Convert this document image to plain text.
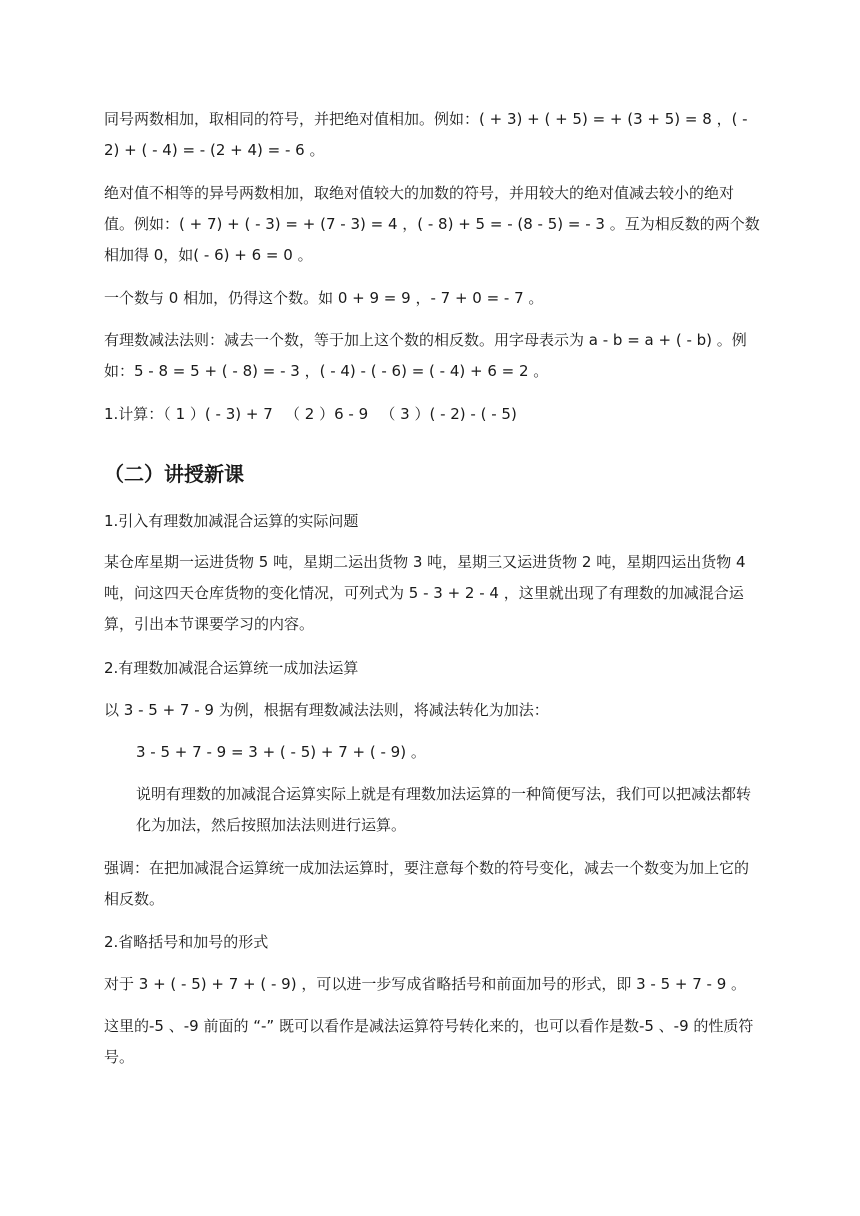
同号两数相加，取相同的符号，并把绝对值相加。例如：( + 3) + ( + 5) = + (3 + 5) = 8 ，( - 2) + ( - 4) = - (2 + 4) = - 6 。

绝对值不相等的异号两数相加，取绝对值较大的加数的符号，并用较大的绝对值减去较小的绝对值。例如：( + 7) + ( - 3) = + (7 - 3) = 4 ，( - 8) + 5 = - (8 - 5) = - 3 。互为相反数的两个数相加得 0，如( - 6) + 6 = 0 。

一个数与 0 相加，仍得这个数。如 0 + 9 = 9 ，- 7 + 0 = - 7 。

有理数减法法则：减去一个数，等于加上这个数的相反数。用字母表示为 a - b = a + ( - b) 。例如：5 - 8 = 5 + ( - 8) = - 3 ，( - 4) - ( - 6) = ( - 4) + 6 = 2 。

1.计算：（ 1 ）( - 3) + 7 　（ 2 ）6 - 9 　（ 3 ）( - 2) - ( - 5)

（二）讲授新课

1.引入有理数加减混合运算的实际问题

某仓库星期一运进货物 5 吨，星期二运出货物 3 吨，星期三又运进货物 2 吨，星期四运出货物 4 吨，问这四天仓库货物的变化情况，可列式为 5 - 3 + 2 - 4 ，这里就出现了有理数的加减混合运算，引出本节课要学习的内容。

2.有理数加减混合运算统一成加法运算

以 3 - 5 + 7 - 9 为例，根据有理数减法法则，将减法转化为加法：

3 - 5 + 7 - 9 = 3 + ( - 5) + 7 + ( - 9) 。

说明有理数的加减混合运算实际上就是有理数加法运算的一种简便写法，我们可以把减法都转化为加法，然后按照加法法则进行运算。

强调：在把加减混合运算统一成加法运算时，要注意每个数的符号变化，减去一个数变为加上它的相反数。

2.省略括号和加号的形式

对于 3 + ( - 5) + 7 + ( - 9) ，可以进一步写成省略括号和前面加号的形式，即 3 - 5 + 7 - 9 。

这里的-5 、-9 前面的 “-” 既可以看作是减法运算符号转化来的，也可以看作是数-5 、-9 的性质符号。
